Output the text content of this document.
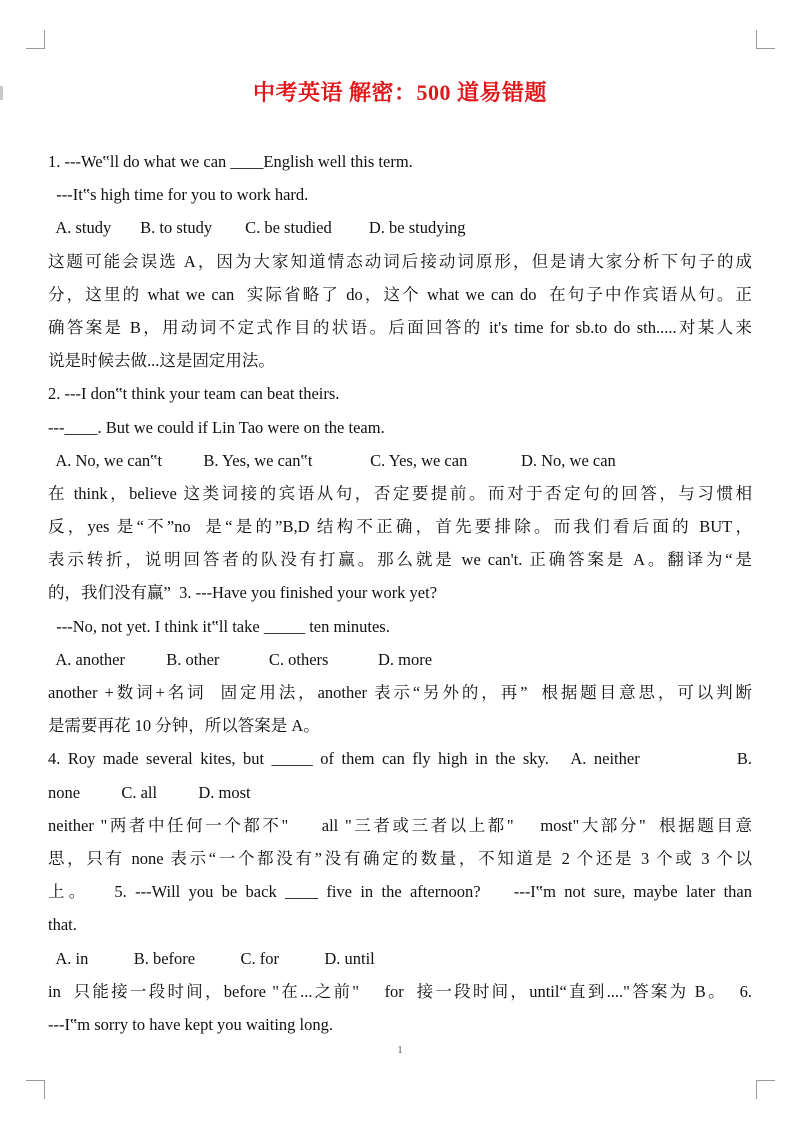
中考英语 解密：500 道易错题
1. ---We‟ll do what we can ____English well this term.
---It‟s high time for you to work hard.
A. study       B. to study        C. be studied         D. be studying
这题可能会误选 A，因为大家知道情态动词后接动词原形，但是请大家分析下句子的成
分，这里的 what we can  实际省略了 do，这个 what we can do  在句子中作宾语从句。正
确答案是 B，用动词不定式作目的状语。后面回答的 it's time for sb.to do sth.....对某人来
说是时候去做...这是固定用法。
2. ---I don‟t think your team can beat theirs.
---____. But we could if Lin Tao were on the team.
A. No, we can‟t          B. Yes, we can‟t              C. Yes, we can             D. No, we can
在 think，believe 这类词接的宾语从句，否定要提前。而对于否定句的回答，与习惯相
反，yes 是“不”no  是“是的”B,D 结构不正确，首先要排除。而我们看后面的 BUT，
表示转折，说明回答者的队没有打赢。那么就是 we can't. 正确答案是 A。翻译为“是
的，我们没有赢”  3. ---Have you finished your work yet?
---No, not yet. I think it‟ll take _____ ten minutes.
A. another          B. other            C. others            D. more
another +数词+名词  固定用法，another 表示“另外的，再”  根据题目意思，可以判断
是需要再花 10 分钟，所以答案是 A。
4. Roy made several kites, but _____ of them can fly high in the sky.   A. neither             B.
none          C. all          D. most
neither "两者中任何一个都不"     all "三者或三者以上都"    most"大部分"  根据题目意
思，只有 none 表示“一个都没有”没有确定的数量，不知道是 2 个还是 3 个或 3 个以
上。   5. ---Will you be back ____ five in the afternoon?    ---I‟m not sure, maybe later than
that.
A. in           B. before           C. for           D. until
in  只能接一段时间，before "在...之前"    for  接一段时间，until“直到...."答案为 B。  6.
---I‟m sorry to have kept you waiting long.
1
